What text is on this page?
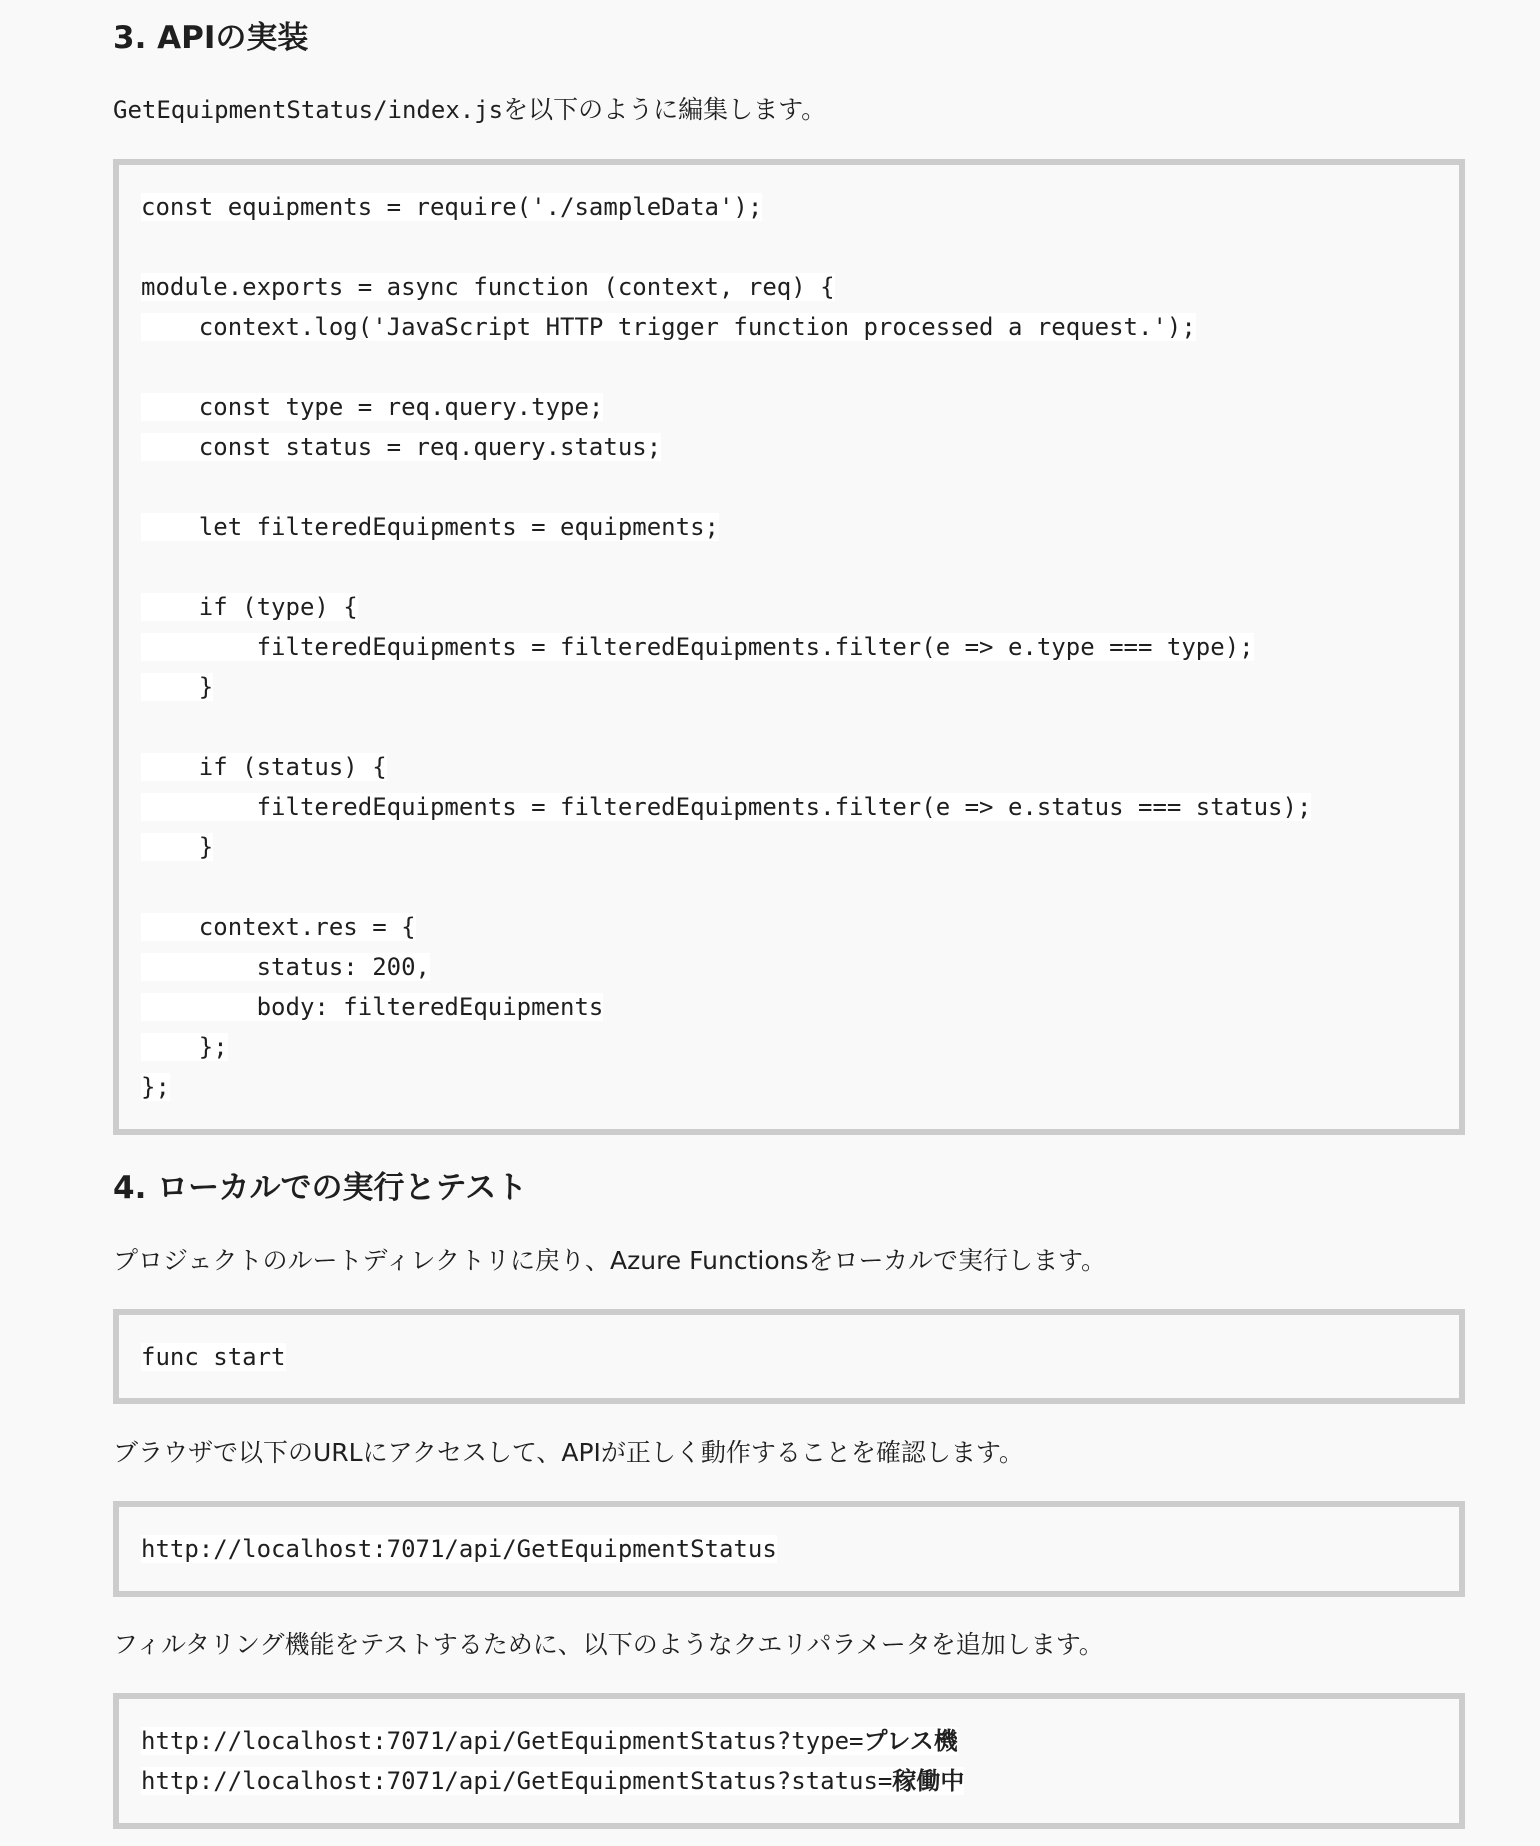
3. APIの実装

GetEquipmentStatus/index.jsを以下のように編集します。

const equipments = require('./sampleData');
module.exports = async function (context, req) {
context.log('JavaScript HTTP trigger function processed a request.');
const type = req.query.type;
const status = req.query.status;
let filteredEquipments = equipments;
if (type) {
filteredEquipments = filteredEquipments.filter(e => e.type === type);
}
if (status) {
filteredEquipments = filteredEquipments.filter(e => e.status === status);
}
context.res = {
status: 200,
body: filteredEquipments
};
};
4. ローカルでの実行とテスト

プロジェクトのルートディレクトリに戻り、Azure Functionsをローカルで実行します。

func start

ブラウザで以下のURLにアクセスして、APIが正しく動作することを確認します。

http://localhost:7071/api/GetEquipmentStatus

フィルタリング機能をテストするために、以下のようなクエリパラメータを追加します。

http://localhost:7071/api/GetEquipmentStatus?type=プレス機
http://localhost:7071/api/GetEquipmentStatus?status=稼働中
